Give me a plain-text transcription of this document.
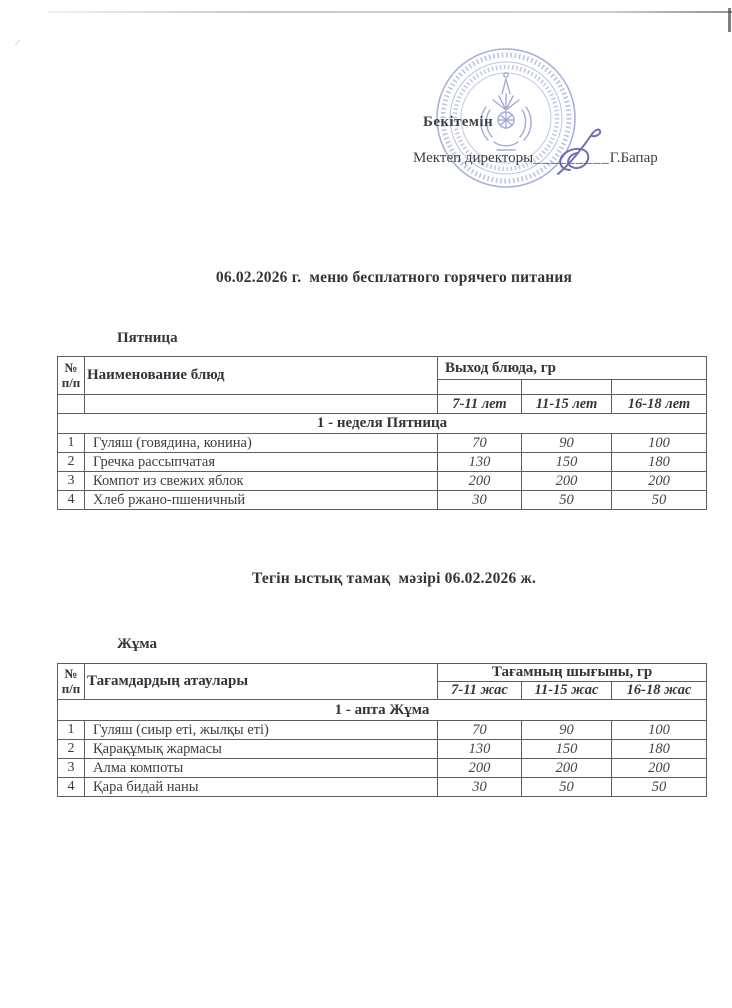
Бекітемін
Мектеп директоры_________Г.Бапар
06.02.2026 г.  меню бесплатного горячего питания
Пятница
№
п/п	Наименование блюд	Выход блюда, гр		

		7-11 лет	11-15 лет	16-18 лет
1 - неделя Пятница				
1	Гуляш (говядина, конина)	70	90	100
2	Гречка рассыпчатая	130	150	180
3	Компот из свежих яблок	200	200	200
4	Хлеб ржано-пшеничный	30	50	50
Тегін ыстық тамақ  мәзірі 06.02.2026 ж.
Жұма
№
п/п	Тағамдардың атаулары	Тағамның шығыны, гр		
		7-11 жас	11-15 жас	16-18 жас
1 - апта Жұма				
1	Гуляш (сиыр еті, жылқы еті)	70	90	100
2	Қарақұмық жармасы	130	150	180
3	Алма компоты	200	200	200
4	Қара бидай наны	30	50	50
